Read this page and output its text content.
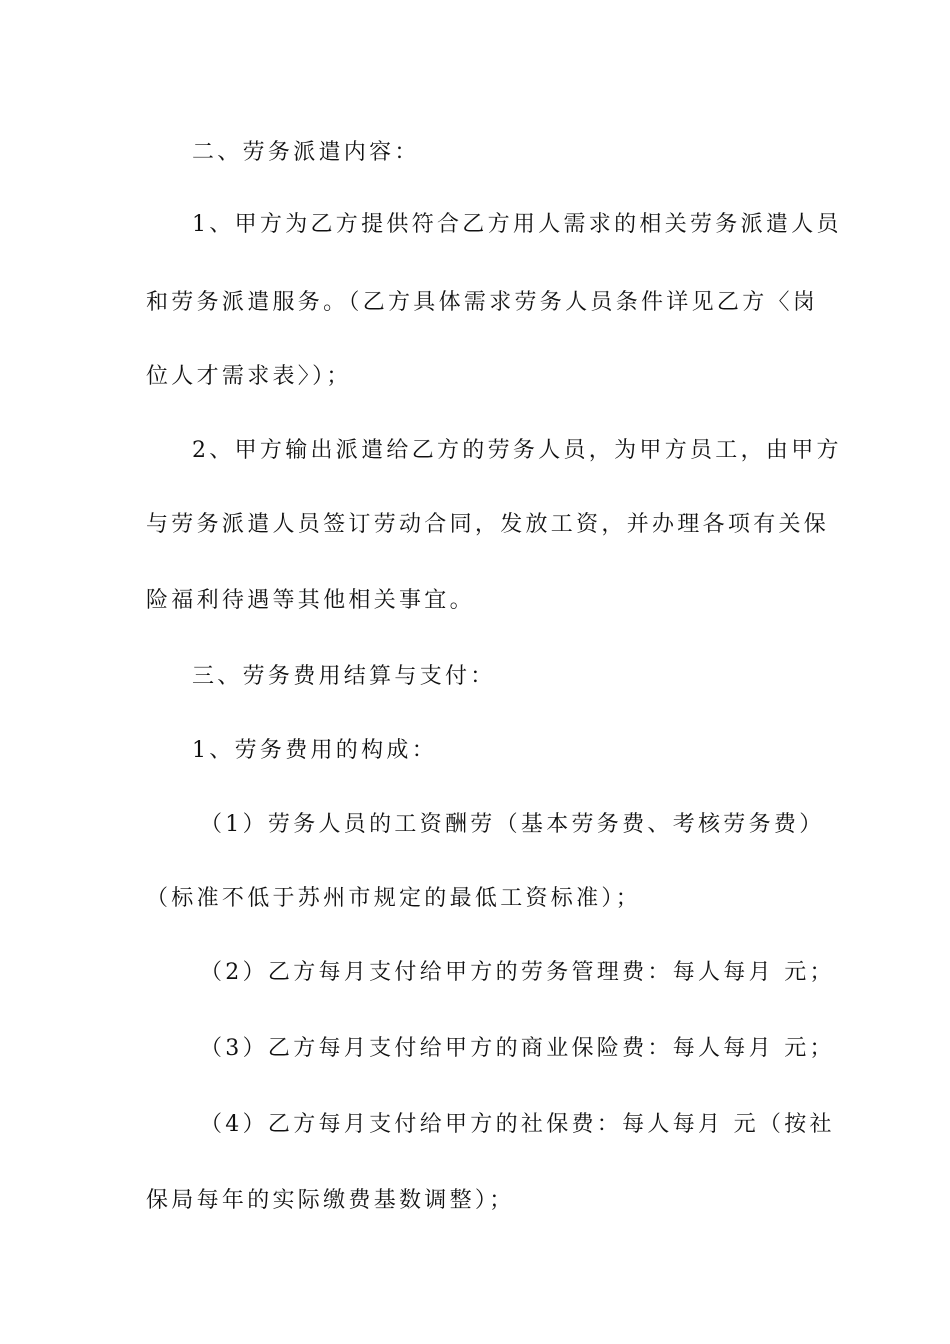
二、劳务派遣内容：
1、甲方为乙方提供符合乙方用人需求的相关劳务派遣人员
和劳务派遣服务。（乙方具体需求劳务人员条件详见乙方〈岗
位人才需求表〉）；
2、甲方输出派遣给乙方的劳务人员，为甲方员工，由甲方
与劳务派遣人员签订劳动合同，发放工资，并办理各项有关保
险福利待遇等其他相关事宜。
三、劳务费用结算与支付：
1、劳务费用的构成：
（1）劳务人员的工资酬劳（基本劳务费、考核劳务费）
（标准不低于苏州市规定的最低工资标准）；
（2）乙方每月支付给甲方的劳务管理费：每人每月 元；
（3）乙方每月支付给甲方的商业保险费：每人每月 元；
（4）乙方每月支付给甲方的社保费：每人每月 元（按社
保局每年的实际缴费基数调整）；
